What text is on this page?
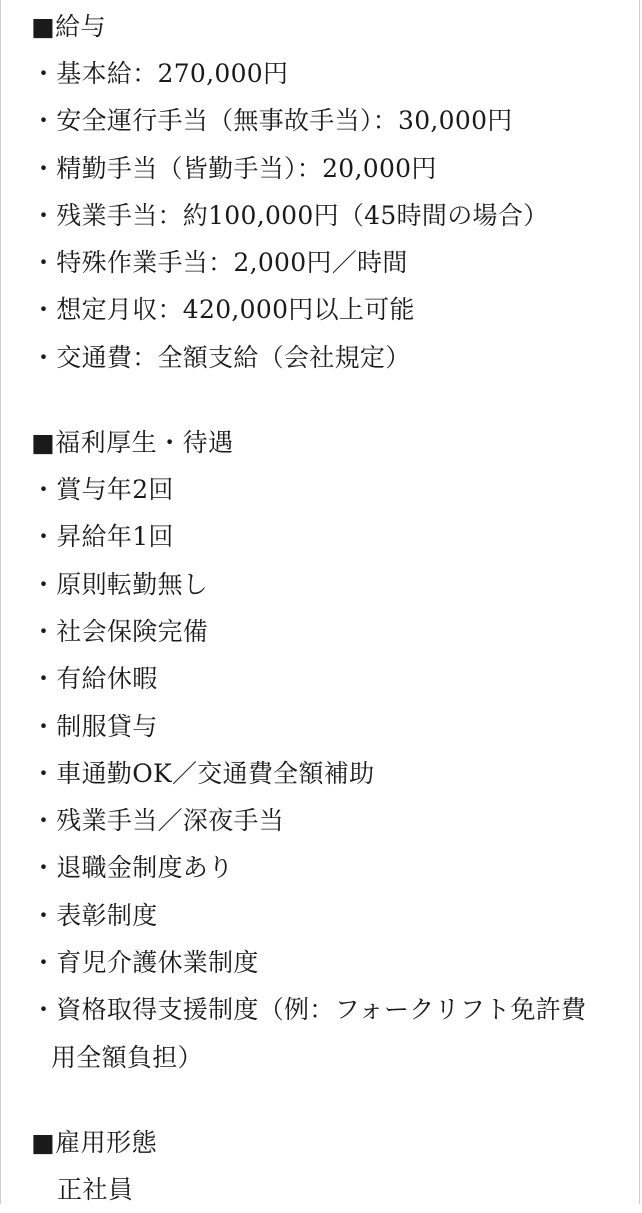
■給与
・基本給：270,000円
・安全運行手当（無事故手当）：30,000円
・精勤手当（皆勤手当）：20,000円
・残業手当：約100,000円（45時間の場合）
・特殊作業手当：2,000円／時間
・想定月収：420,000円以上可能
・交通費：全額支給（会社規定）
■福利厚生・待遇
・賞与年2回
・昇給年1回
・原則転勤無し
・社会保険完備
・有給休暇
・制服貸与
・車通勤OK／交通費全額補助
・残業手当／深夜手当
・退職金制度あり
・表彰制度
・育児介護休業制度
・資格取得支援制度（例：フォークリフト免許費用全額負担）
■雇用形態
正社員
